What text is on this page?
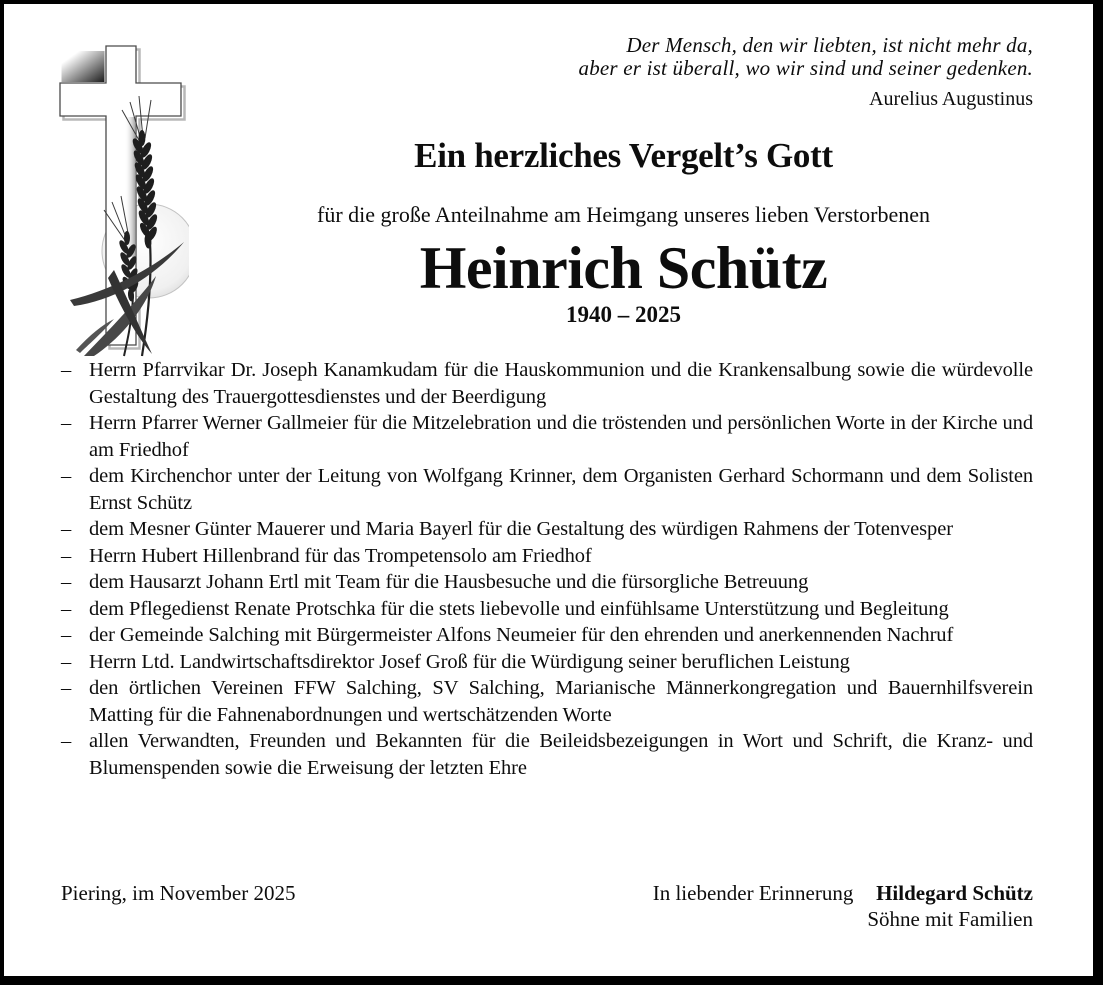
Der Mensch, den wir liebten, ist nicht mehr da,
aber er ist überall, wo wir sind und seiner gedenken.
Aurelius Augustinus
Ein herzliches Vergelt’s Gott
für die große Anteilnahme am Heimgang unseres lieben Verstorbenen
Heinrich Schütz
1940 – 2025
– Herrn Pfarrvikar Dr. Joseph Kanamkudam für die Hauskommunion und die Krankensalbung sowie die würdevolle Gestaltung des Trauergottesdienstes und der Beerdigung
– Herrn Pfarrer Werner Gallmeier für die Mitzelebration und die tröstenden und persönlichen Worte in der Kirche und am Friedhof
– dem Kirchenchor unter der Leitung von Wolfgang Krinner, dem Organisten Gerhard Schormann und dem Solisten Ernst Schütz
– dem Mesner Günter Mauerer und Maria Bayerl für die Gestaltung des würdigen Rahmens der Totenvesper
– Herrn Hubert Hillenbrand für das Trompetensolo am Friedhof
– dem Hausarzt Johann Ertl mit Team für die Hausbesuche und die fürsorgliche Betreuung
– dem Pflegedienst Renate Protschka für die stets liebevolle und einfühlsame Unterstützung und Begleitung
– der Gemeinde Salching mit Bürgermeister Alfons Neumeier für den ehrenden und anerkennenden Nachruf
– Herrn Ltd. Landwirtschaftsdirektor Josef Groß für die Würdigung seiner beruflichen Leistung
– den örtlichen Vereinen FFW Salching, SV Salching, Marianische Männerkongregation und Bauernhilfsverein Matting für die Fahnenabordnungen und wertschätzenden Worte
– allen Verwandten, Freunden und Bekannten für die Beileidsbezeigungen in Wort und Schrift, die Kranz- und Blumenspenden sowie die Erweisung der letzten Ehre
Piering, im November 2025	In liebender Erinnerung Hildegard Schütz
Söhne mit Familien
